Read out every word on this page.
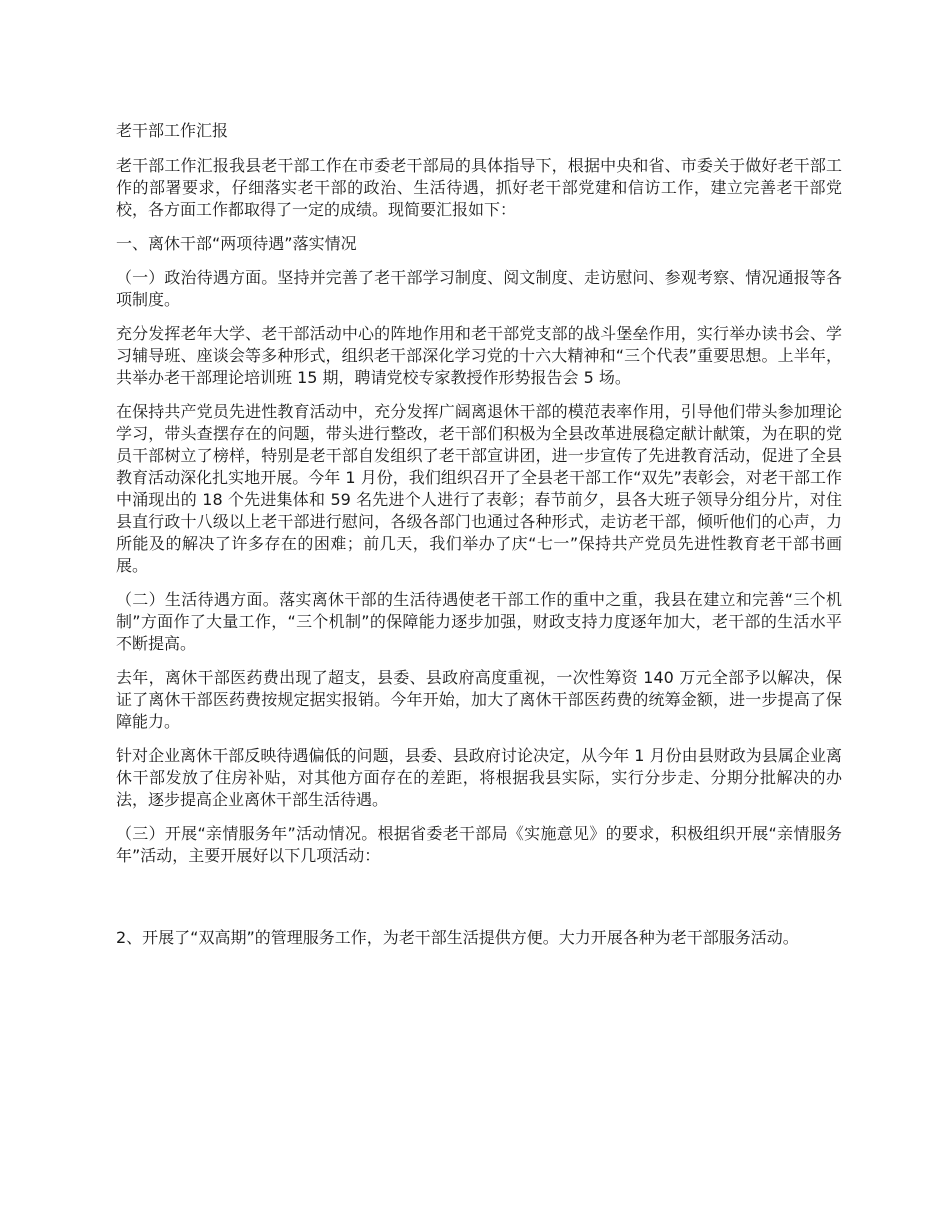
老干部工作汇报

老干部工作汇报我县老干部工作在市委老干部局的具体指导下，根据中央和省、市委关于做好老干部工作的部署要求，仔细落实老干部的政治、生活待遇，抓好老干部党建和信访工作，建立完善老干部党校，各方面工作都取得了一定的成绩。现简要汇报如下：

一、离休干部“两项待遇”落实情况

（一）政治待遇方面。坚持并完善了老干部学习制度、阅文制度、走访慰问、参观考察、情况通报等各项制度。

充分发挥老年大学、老干部活动中心的阵地作用和老干部党支部的战斗堡垒作用，实行举办读书会、学习辅导班、座谈会等多种形式，组织老干部深化学习党的十六大精神和“三个代表”重要思想。上半年，共举办老干部理论培训班 15 期，聘请党校专家教授作形势报告会 5 场。

在保持共产党员先进性教育活动中，充分发挥广阔离退休干部的模范表率作用，引导他们带头参加理论学习，带头查摆存在的问题，带头进行整改，老干部们积极为全县改革进展稳定献计献策，为在职的党员干部树立了榜样，特别是老干部自发组织了老干部宣讲团，进一步宣传了先进教育活动，促进了全县教育活动深化扎实地开展。今年 1 月份，我们组织召开了全县老干部工作“双先”表彰会，对老干部工作中涌现出的 18 个先进集体和 59 名先进个人进行了表彰；春节前夕，县各大班子领导分组分片，对住县直行政十八级以上老干部进行慰问，各级各部门也通过各种形式，走访老干部，倾听他们的心声，力所能及的解决了许多存在的困难；前几天，我们举办了庆“七一”保持共产党员先进性教育老干部书画展。

（二）生活待遇方面。落实离休干部的生活待遇使老干部工作的重中之重，我县在建立和完善“三个机制”方面作了大量工作，“三个机制”的保障能力逐步加强，财政支持力度逐年加大，老干部的生活水平不断提高。

去年，离休干部医药费出现了超支，县委、县政府高度重视，一次性筹资 140 万元全部予以解决，保证了离休干部医药费按规定据实报销。今年开始，加大了离休干部医药费的统筹金额，进一步提高了保障能力。

针对企业离休干部反映待遇偏低的问题，县委、县政府讨论决定，从今年 1 月份由县财政为县属企业离休干部发放了住房补贴，对其他方面存在的差距，将根据我县实际，实行分步走、分期分批解决的办法，逐步提高企业离休干部生活待遇。

（三）开展“亲情服务年”活动情况。根据省委老干部局《实施意见》的要求，积极组织开展“亲情服务年”活动，主要开展好以下几项活动：

2、开展了“双高期”的管理服务工作，为老干部生活提供方便。大力开展各种为老干部服务活动。
